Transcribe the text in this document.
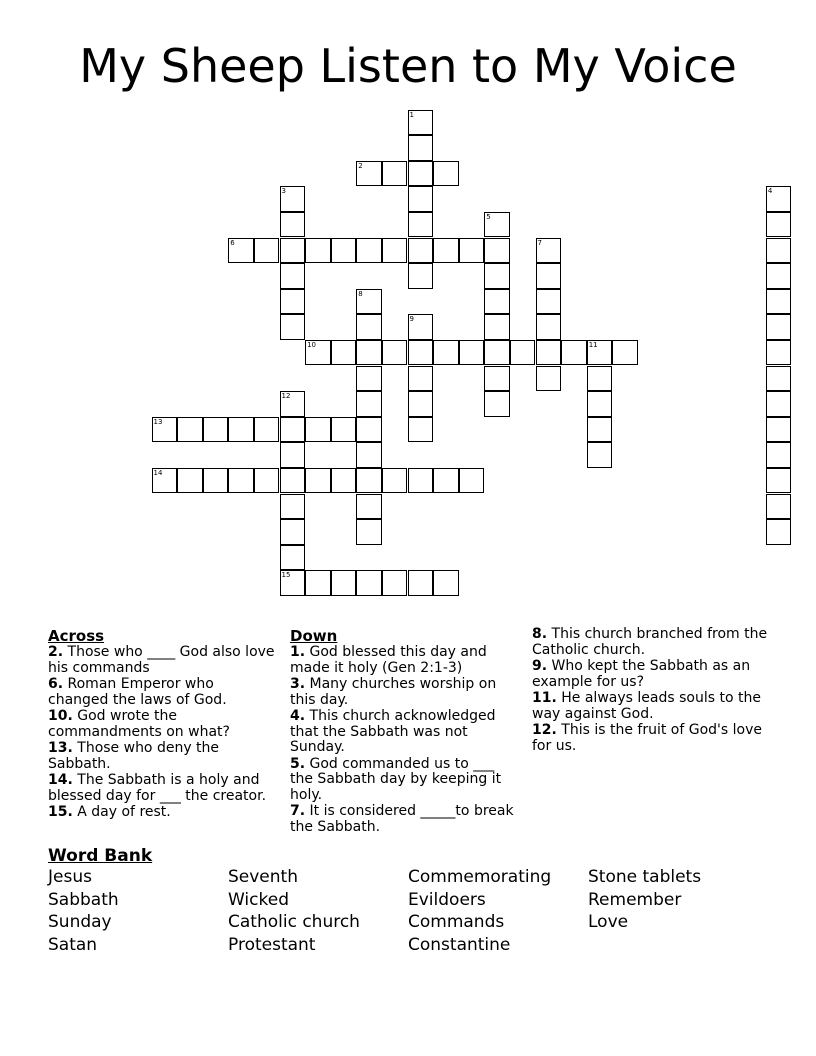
My Sheep Listen to My Voice
1
2
3	4
5
6	7
8
9
10	11
12
15
13
14
Across
2. Those who ____ God also love his commands
6. Roman Emperor who changed the laws of God.
10. God wrote the commandments on what?
13. Those who deny the Sabbath.
14. The Sabbath is a holy and blessed day for ___ the creator.
15. A day of rest.
Down
1. God blessed this day and made it holy (Gen 2:1-3)
3. Many churches worship on this day.
4. This church acknowledged that the Sabbath was not Sunday.
5. God commanded us to ___ the Sabbath day by keeping it holy.
7. It is considered _____to break the Sabbath.
8. This church branched from the Catholic church.
9. Who kept the Sabbath as an example for us?
11. He always leads souls to the way against God.
12. This is the fruit of God's love for us.
Word Bank
Jesus
Sabbath
Sunday
Satan
Seventh
Wicked
Catholic church
Protestant
Commemorating
Evildoers
Commands
Constantine
Stone tablets
Remember
Love
